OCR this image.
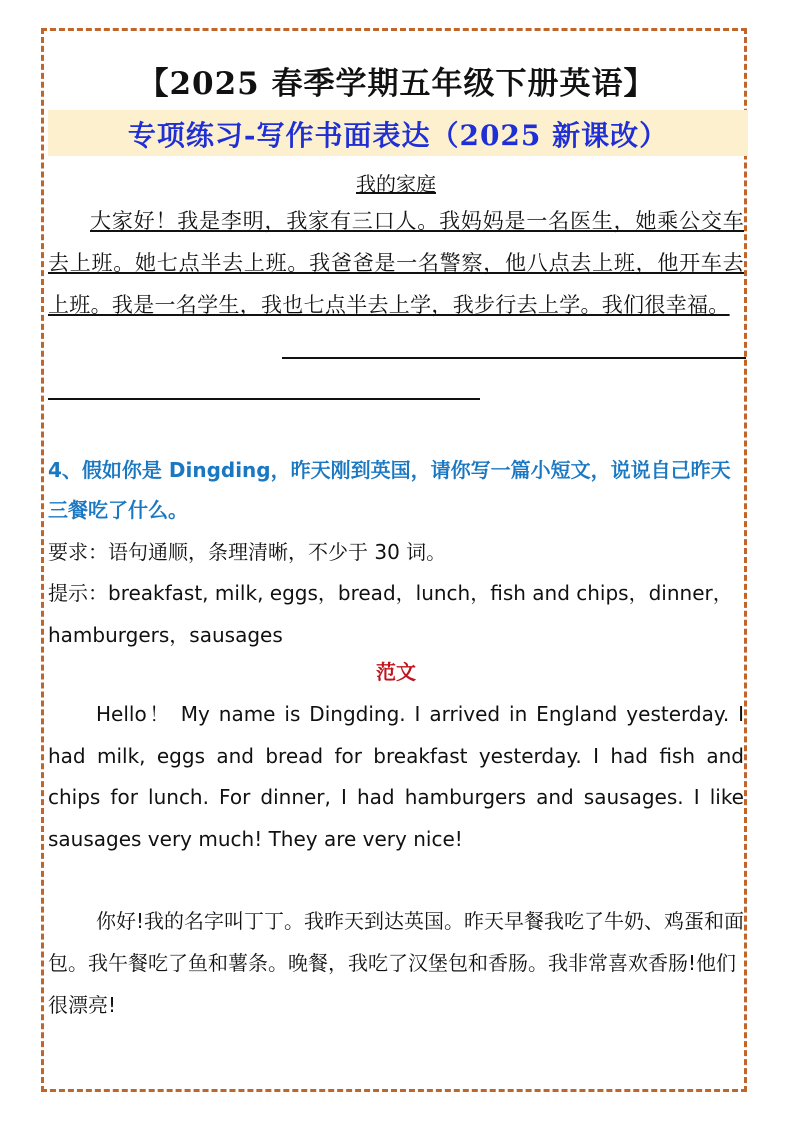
【2025 春季学期五年级下册英语】
专项练习-写作书面表达（2025 新课改）
我的家庭
大家好！我是李明，我家有三口人。我妈妈是一名医生，她乘公交车去上班。她七点半去上班。我爸爸是一名警察，他八点去上班，他开车去上班。我是一名学生，我也七点半去上学，我步行去上学。我们很幸福。
4、假如你是 Dingding，昨天刚到英国，请你写一篇小短文，说说自己昨天三餐吃了什么。
要求：语句通顺，条理清晰，不少于 30 词。
提示：breakfast, milk, eggs，bread，lunch，fish and chips，dinner，hamburgers，sausages
范文
Hello！ My name is Dingding. I arrived in England yesterday. I had milk, eggs and bread for breakfast yesterday. I had fish and chips for lunch. For dinner, I had hamburgers and sausages. I like sausages very much! They are very nice!
你好!我的名字叫丁丁。我昨天到达英国。昨天早餐我吃了牛奶、鸡蛋和面包。我午餐吃了鱼和薯条。晚餐，我吃了汉堡包和香肠。我非常喜欢香肠!他们很漂亮!
